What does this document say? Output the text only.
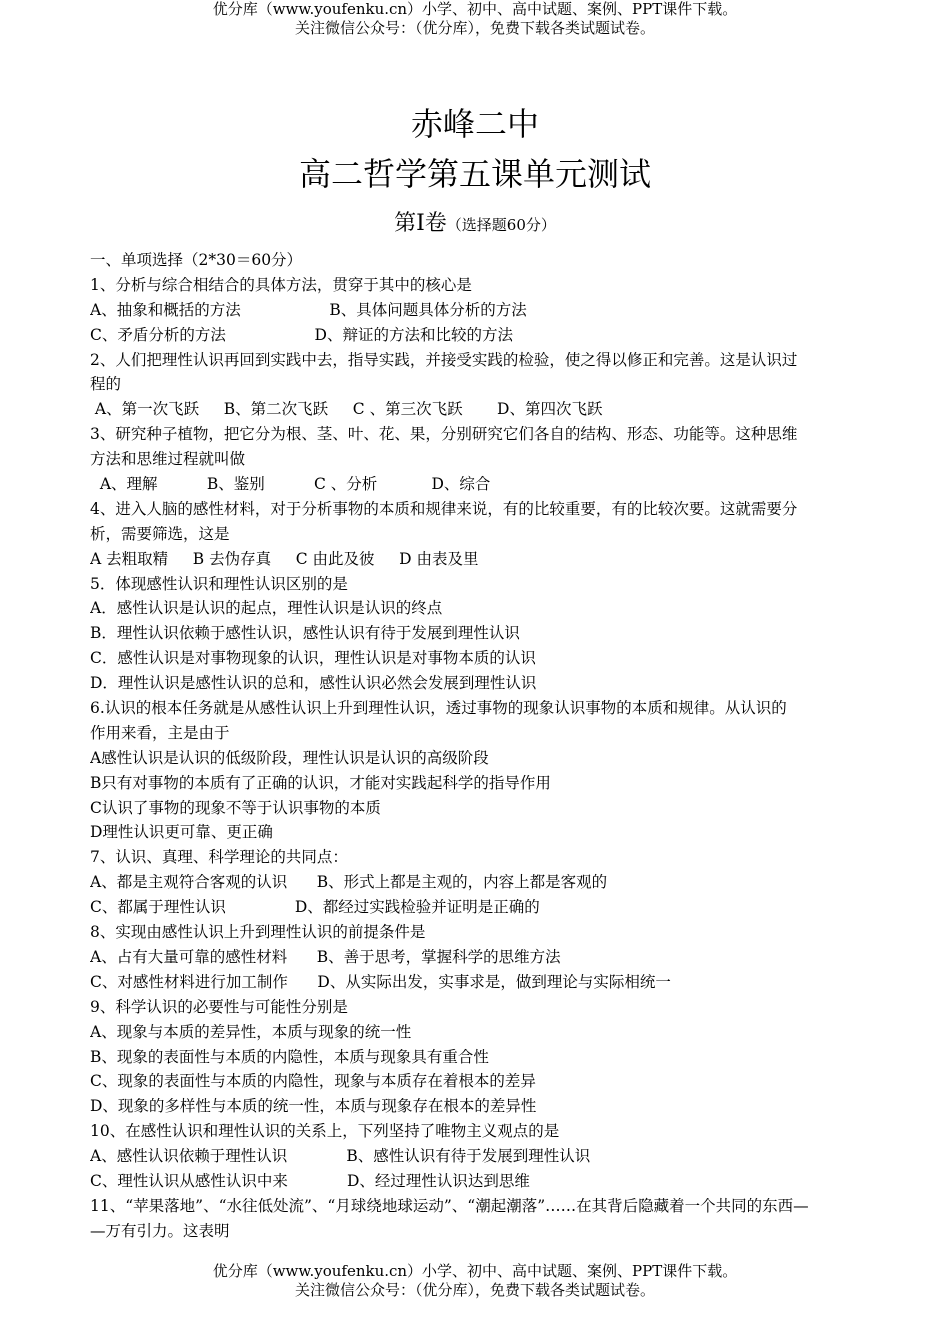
优分库（www.youfenku.cn）小学、初中、高中试题、案例、PPT课件下载。
关注微信公众号：（优分库），免费下载各类试题试卷。
赤峰二中
高二哲学第五课单元测试
第Ⅰ卷（选择题60分）
一、单项选择（2*30＝60分）
1、分析与综合相结合的具体方法，贯穿于其中的核心是
A、抽象和概括的方法                  B、具体问题具体分析的方法
C、矛盾分析的方法                  D、辩证的方法和比较的方法
2、人们把理性认识再回到实践中去，指导实践，并接受实践的检验，使之得以修正和完善。这是认识过
程的
A、第一次飞跃     B、第二次飞跃     C 、第三次飞跃       D、第四次飞跃
3、研究种子植物，把它分为根、茎、叶、花、果，分别研究它们各自的结构、形态、功能等。这种思维
方法和思维过程就叫做
A、理解          B、鉴别          C 、分析           D、综合
4、进入人脑的感性材料，对于分析事物的本质和规律来说，有的比较重要，有的比较次要。这就需要分
析，需要筛选，这是
A 去粗取精     B 去伪存真     C 由此及彼     D 由表及里
5．体现感性认识和理性认识区别的是
A．感性认识是认识的起点，理性认识是认识的终点
B．理性认识依赖于感性认识，感性认识有待于发展到理性认识
C．感性认识是对事物现象的认识，理性认识是对事物本质的认识
D．理性认识是感性认识的总和，感性认识必然会发展到理性认识
6.认识的根本任务就是从感性认识上升到理性认识，透过事物的现象认识事物的本质和规律。从认识的
作用来看，主是由于
A感性认识是认识的低级阶段，理性认识是认识的高级阶段
B只有对事物的本质有了正确的认识，才能对实践起科学的指导作用
C认识了事物的现象不等于认识事物的本质
D理性认识更可靠、更正确
7、认识、真理、科学理论的共同点：
A、都是主观符合客观的认识      B、形式上都是主观的，内容上都是客观的
C、都属于理性认识              D、都经过实践检验并证明是正确的
8、实现由感性认识上升到理性认识的前提条件是
A、占有大量可靠的感性材料      B、善于思考，掌握科学的思维方法
C、对感性材料进行加工制作      D、从实际出发，实事求是，做到理论与实际相统一
9、科学认识的必要性与可能性分别是
A、现象与本质的差异性，本质与现象的统一性
B、现象的表面性与本质的内隐性，本质与现象具有重合性
C、现象的表面性与本质的内隐性，现象与本质存在着根本的差异
D、现象的多样性与本质的统一性，本质与现象存在根本的差异性
10、在感性认识和理性认识的关系上，下列坚持了唯物主义观点的是
A、感性认识依赖于理性认识            B、感性认识有待于发展到理性认识
C、理性认识从感性认识中来            D、经过理性认识达到思维
11、“苹果落地”、“水往低处流”、“月球绕地球运动”、“潮起潮落”……在其背后隐藏着一个共同的东西—
—万有引力。这表明
优分库（www.youfenku.cn）小学、初中、高中试题、案例、PPT课件下载。
关注微信公众号：（优分库），免费下载各类试题试卷。
